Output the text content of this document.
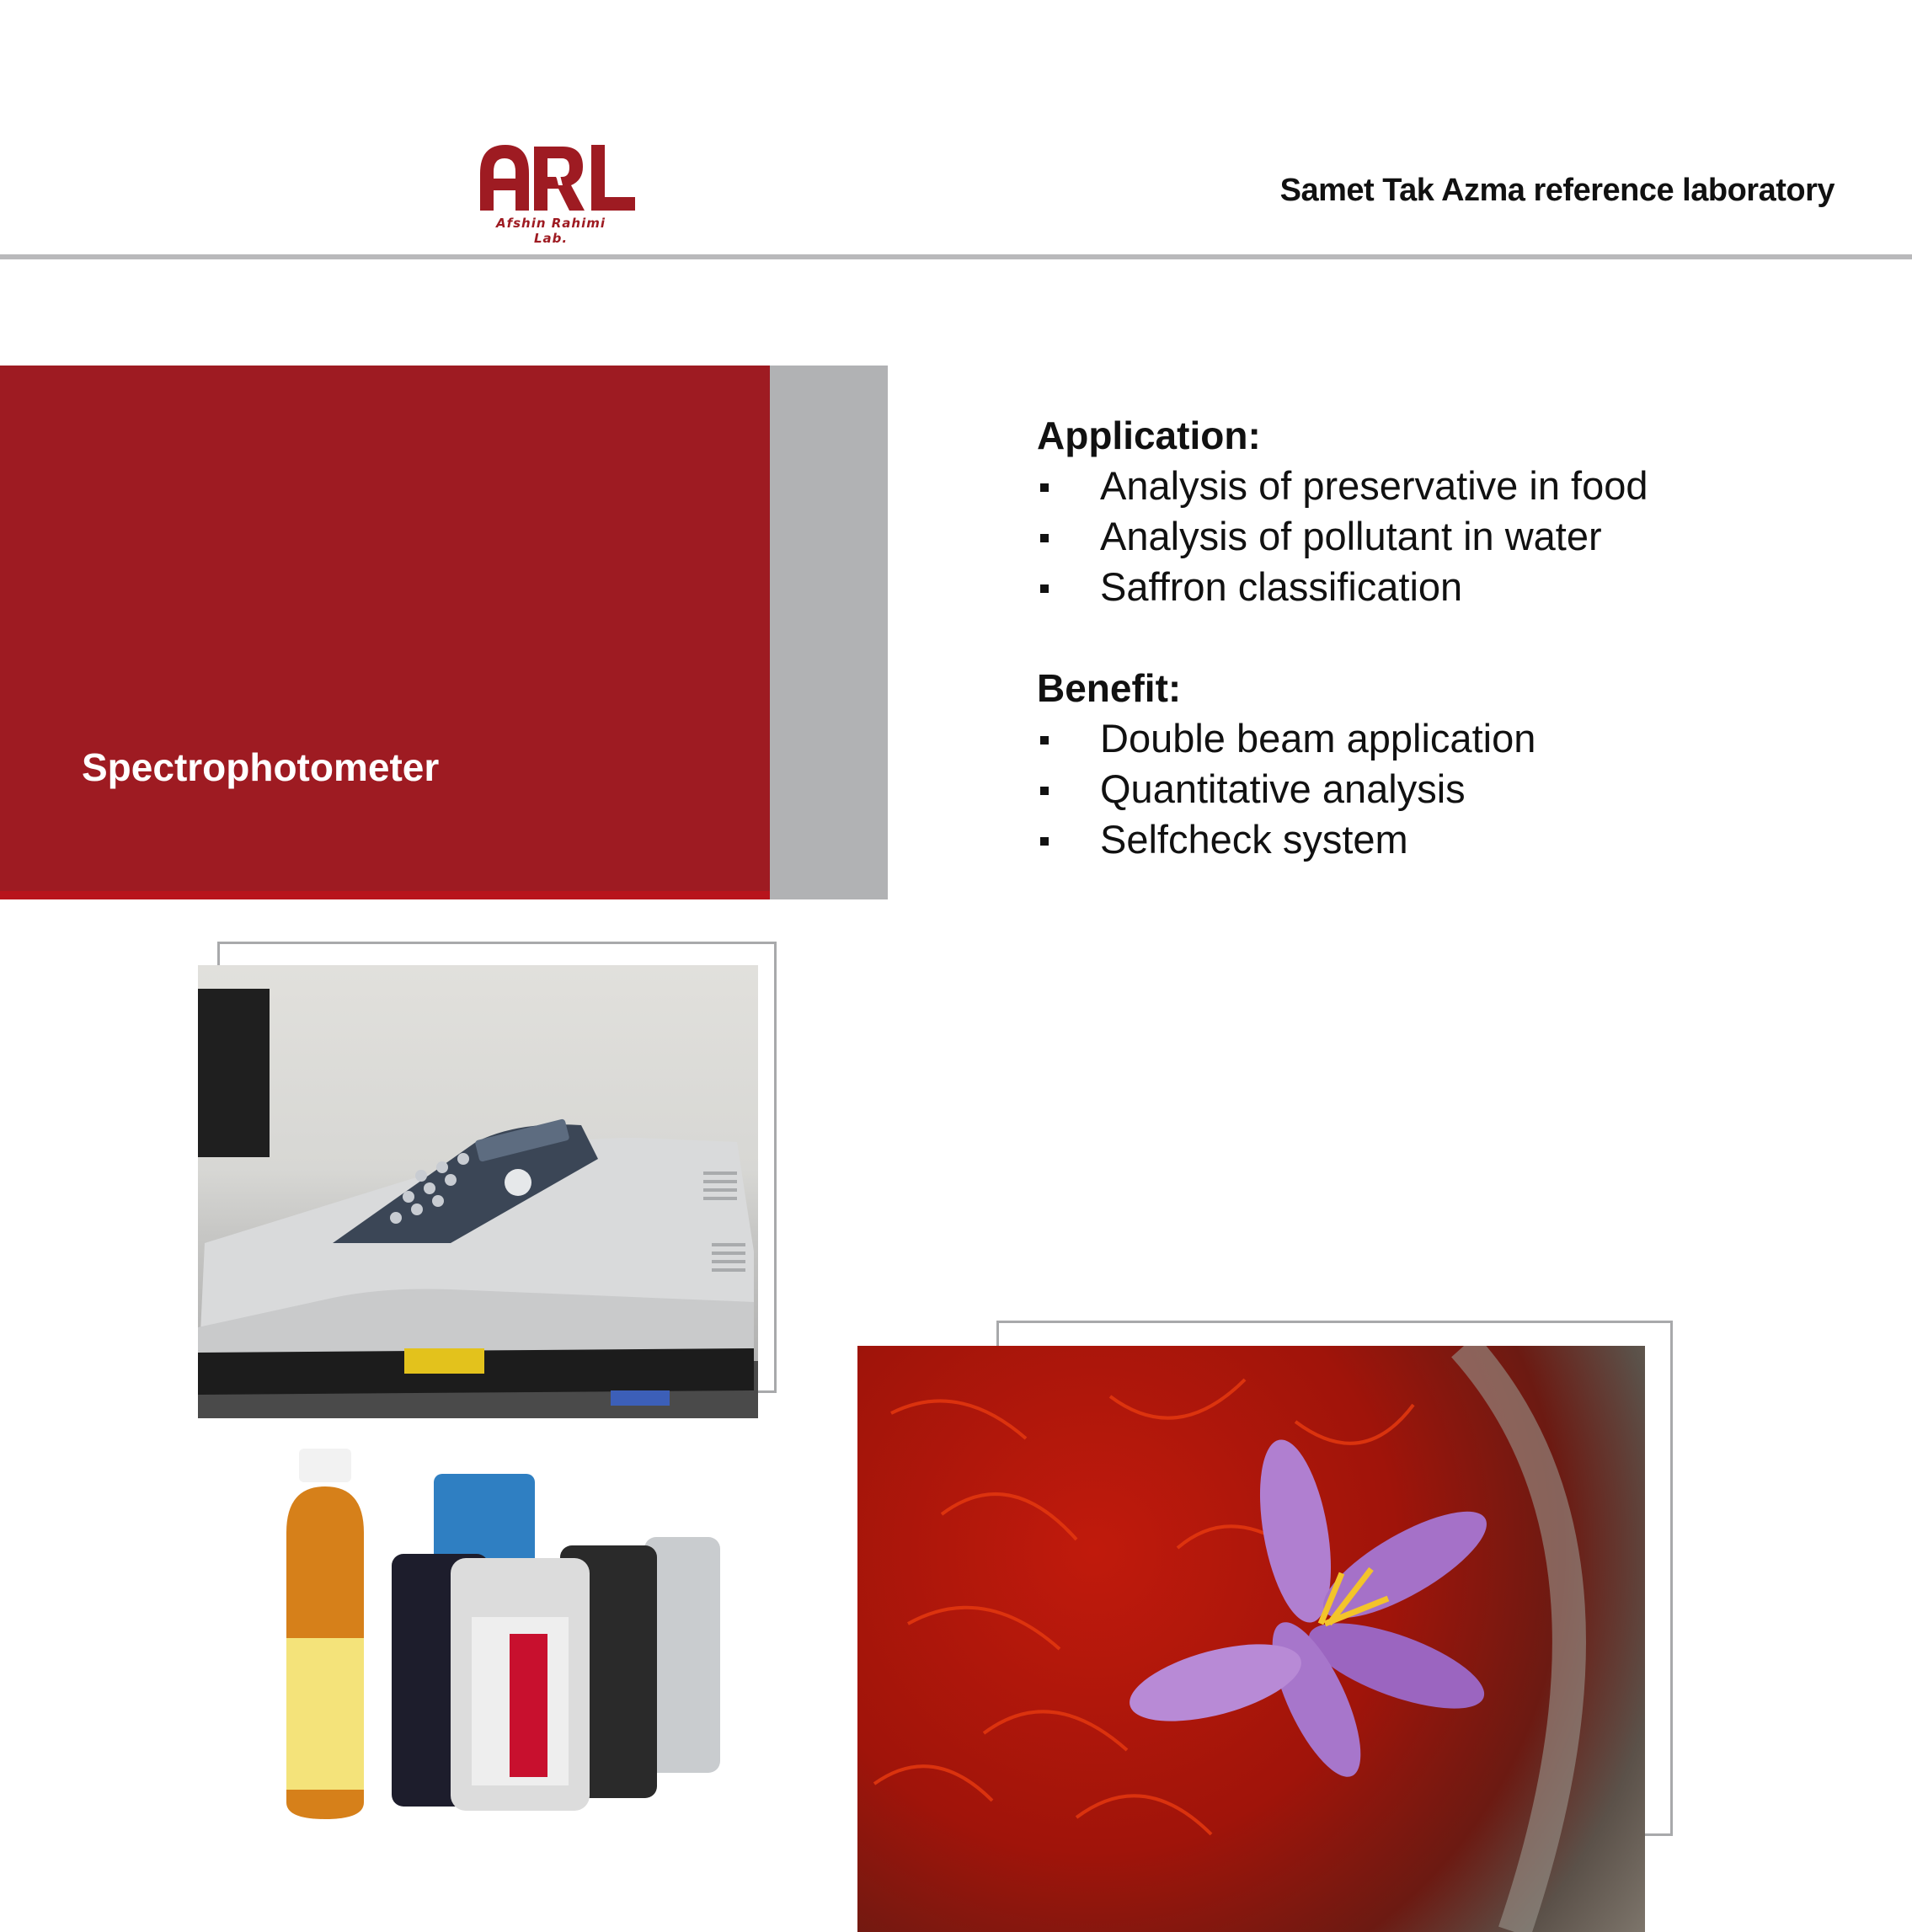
Afshin Rahimi Lab.
Samet Tak Azma reference laboratory
Spectrophotometer
Application:
Analysis of preservative in food
Analysis of pollutant in water
Saffron classification
Benefit:
Double beam application
Quantitative analysis
Selfcheck system
